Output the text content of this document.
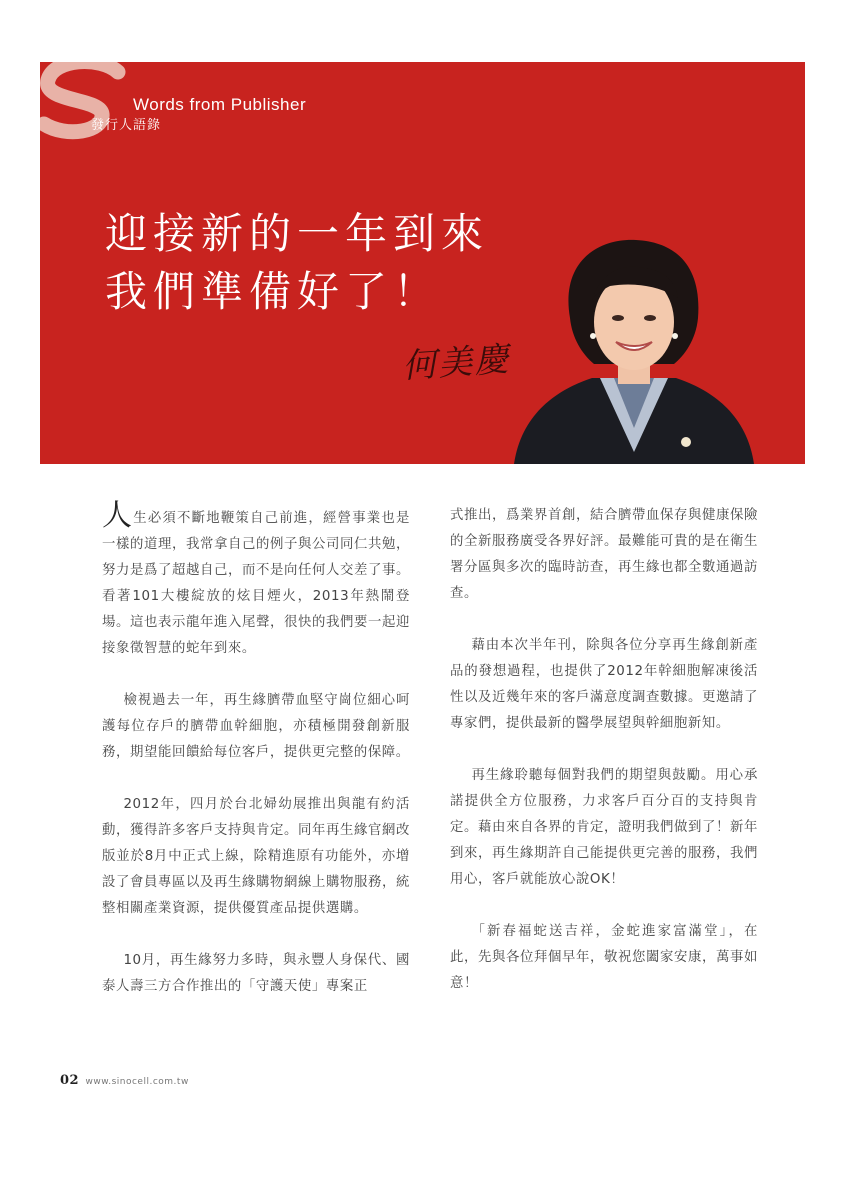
Words from Publisher
發行人語錄
迎接新的一年到來
我們準備好了！
何美慶

人生必須不斷地鞭策自己前進，經營事業也是一樣的道理，我常拿自己的例子與公司同仁共勉，努力是爲了超越自己，而不是向任何人交差了事。看著101大樓綻放的炫目煙火，2013年熱鬧登場。這也表示龍年進入尾聲，很快的我們要一起迎接象徵智慧的蛇年到來。

檢視過去一年，再生緣臍帶血堅守崗位細心呵護每位存戶的臍帶血幹細胞，亦積極開發創新服務，期望能回饋給每位客戶，提供更完整的保障。

2012年，四月於台北婦幼展推出與龍有約活動，獲得許多客戶支持與肯定。同年再生緣官網改版並於8月中正式上線，除精進原有功能外，亦增設了會員專區以及再生緣購物網線上購物服務，統整相關產業資源，提供優質產品提供選購。

10月，再生緣努力多時，與永豐人身保代、國泰人壽三方合作推出的「守護天使」專案正

式推出，爲業界首創，結合臍帶血保存與健康保險的全新服務廣受各界好評。最難能可貴的是在衛生署分區與多次的臨時訪查，再生緣也都全數通過訪查。

藉由本次半年刊，除與各位分享再生緣創新產品的發想過程，也提供了2012年幹細胞解凍後活性以及近幾年來的客戶滿意度調查數據。更邀請了專家們，提供最新的醫學展望與幹細胞新知。

再生緣聆聽每個對我們的期望與鼓勵。用心承諾提供全方位服務，力求客戶百分百的支持與肯定。藉由來自各界的肯定，證明我們做到了！新年到來，再生緣期許自己能提供更完善的服務，我們用心，客戶就能放心說OK！

「新春福蛇送吉祥，金蛇進家富滿堂」，在此，先與各位拜個早年，敬祝您闔家安康，萬事如意！

02 www.sinocell.com.tw
